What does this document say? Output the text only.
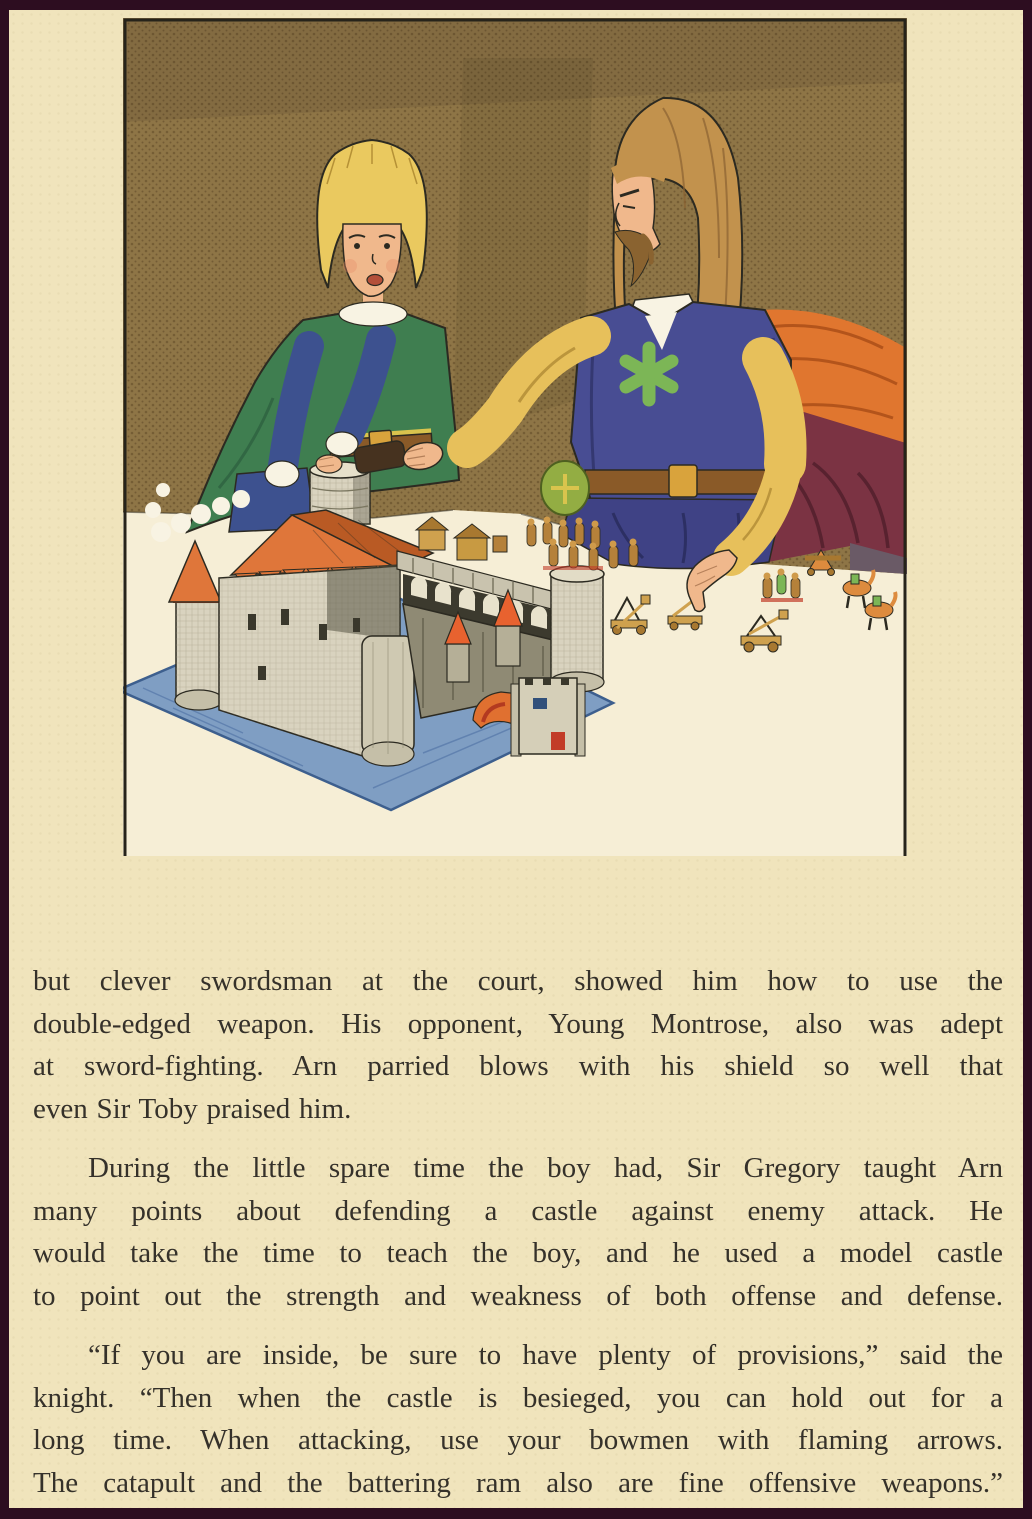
but clever swordsman at the court, showed him how to use the
double-edged weapon. His opponent, Young Montrose, also was adept
at sword-fighting. Arn parried blows with his shield so well that
even Sir Toby praised him.

During the little spare time the boy had, Sir Gregory taught Arn
many points about defending a castle against enemy attack. He
would take the time to teach the boy, and he used a model castle
to point out the strength and weakness of both offense and defense.

“If you are inside, be sure to have plenty of provisions,” said the
knight. “Then when the castle is besieged, you can hold out for a
long time. When attacking, use your bowmen with flaming arrows.
The catapult and the battering ram also are fine offensive weapons.”
